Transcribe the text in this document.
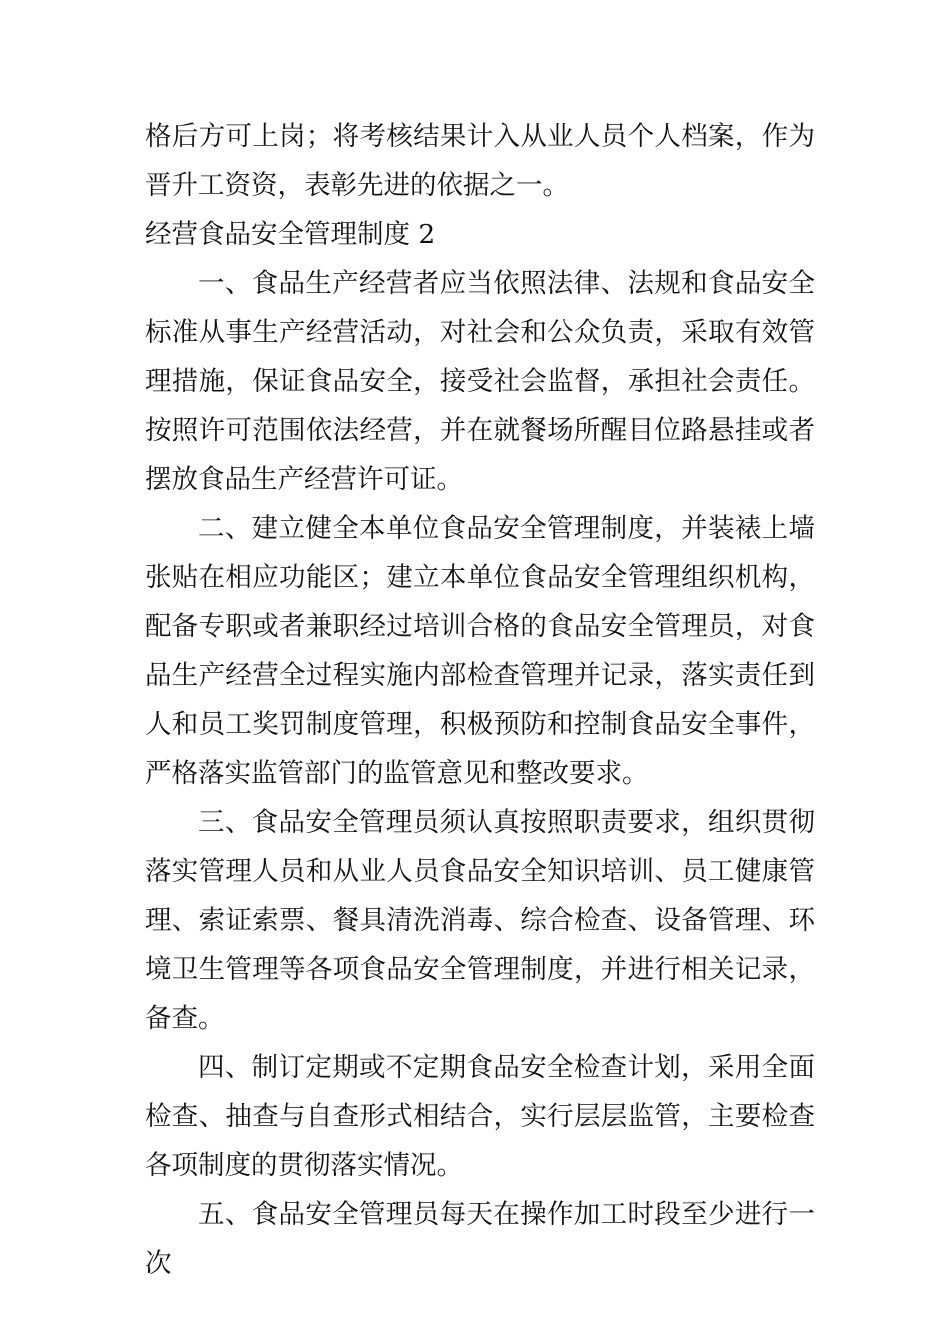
格后方可上岗；将考核结果计入从业人员个人档案，作为晋升工资资，表彰先进的依据之一。

经营食品安全管理制度 2

一、食品生产经营者应当依照法律、法规和食品安全标准从事生产经营活动，对社会和公众负责，采取有效管理措施，保证食品安全，接受社会监督，承担社会责任。按照许可范围依法经营，并在就餐场所醒目位路悬挂或者摆放食品生产经营许可证。

二、建立健全本单位食品安全管理制度，并装裱上墙张贴在相应功能区；建立本单位食品安全管理组织机构，配备专职或者兼职经过培训合格的食品安全管理员，对食品生产经营全过程实施内部检查管理并记录，落实责任到人和员工奖罚制度管理，积极预防和控制食品安全事件，严格落实监管部门的监管意见和整改要求。

三、食品安全管理员须认真按照职责要求，组织贯彻落实管理人员和从业人员食品安全知识培训、员工健康管理、索证索票、餐具清洗消毒、综合检查、设备管理、环境卫生管理等各项食品安全管理制度，并进行相关记录，备查。

四、制订定期或不定期食品安全检查计划，采用全面检查、抽查与自查形式相结合，实行层层监管，主要检查各项制度的贯彻落实情况。

五、食品安全管理员每天在操作加工时段至少进行一次
